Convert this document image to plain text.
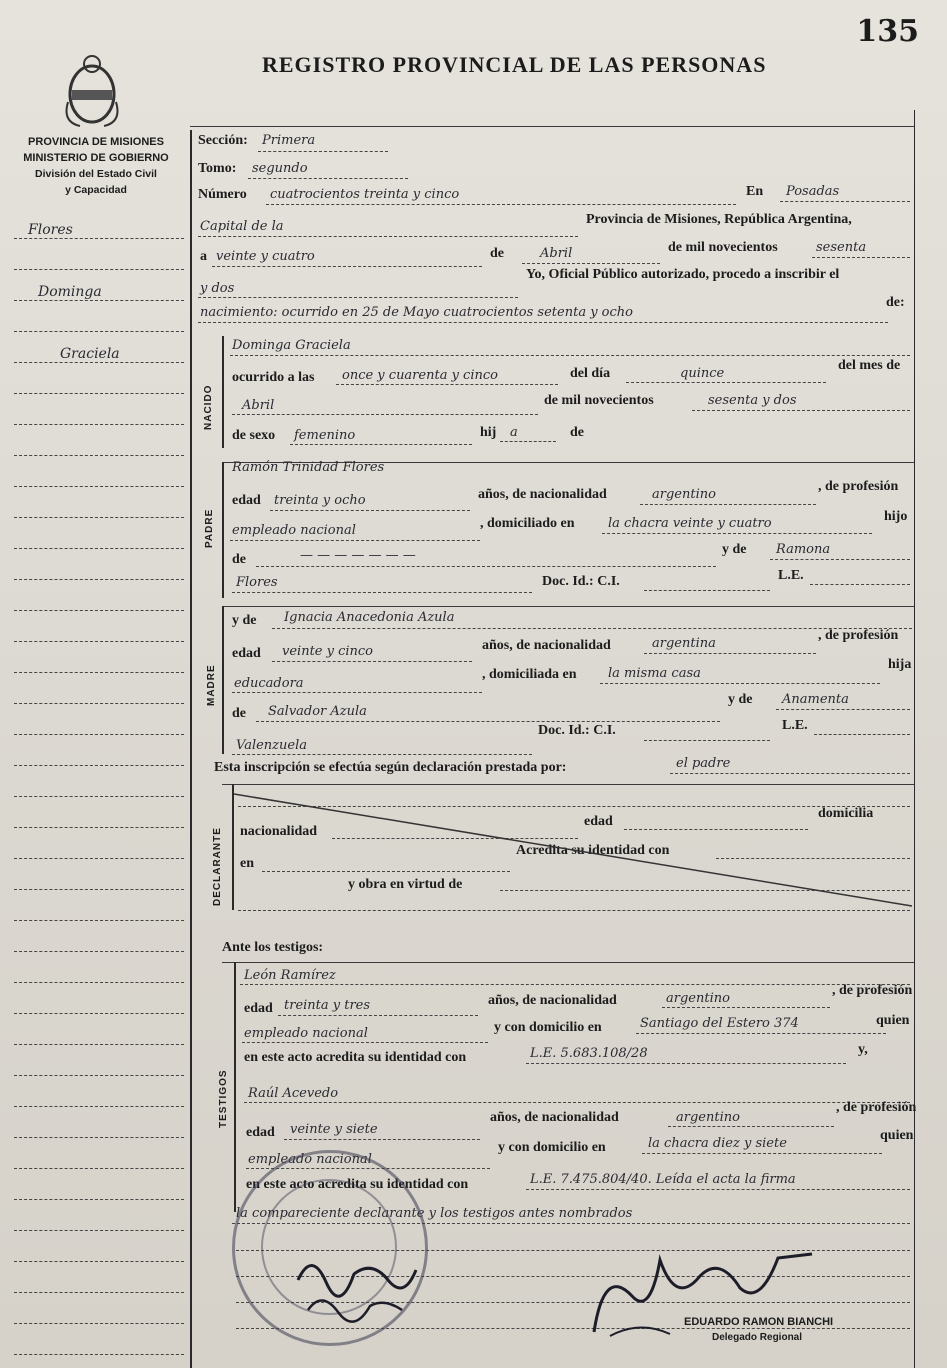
135
REGISTRO PROVINCIAL DE LAS PERSONAS
PROVINCIA DE MISIONES
MINISTERIO DE GOBIERNO
División del Estado Civil
y Capacidad
Flores
Dominga
Graciela
Sección: Primera
Tomo: segundo
Número cuatrocientos treinta y cinco	En Posadas
Capital de la	Provincia de Misiones, República Argentina,
a veinte y cuatro	de	Abril	de mil novecientos	sesenta
y dos
Yo, Oficial Público autorizado, procedo a inscribir el
nacimiento: ocurrido en 25 de Mayo cuatrocientos setenta y ocho
de:
NACIDO
Dominga Graciela
ocurrido a las once y cuarenta y cinco	del día	quince
del mes de
Abril	de mil novecientos	sesenta y dos
de sexo femenino	hij a	de
PADRE
Ramón Trinidad Flores
edad treinta y ocho	años, de nacionalidad	argentino
, de profesión
empleado nacional	, domiciliado en	la chacra veinte y cuatro	hijo
de	— — — — — — —	y de Ramona
Flores	Doc. Id.: C.I.	L.E.
MADRE
y de Ignacia Anacedonia Azula
edad veinte y cinco	años, de nacionalidad	argentina
, de profesión
educadora
, domiciliada en la misma casa
hija
de Salvador Azula
y de Anamenta
Valenzuela
Doc. Id.: C.I.	L.E.
Esta inscripción se efectúa según declaración prestada por:	el padre
DECLARANTE nacionalidad
edad
domicilia
en
Acredita su identidad con
y obra en virtud de
Ante los testigos:
TESTIGOS
León Ramírez
edad treinta y tres	años, de nacionalidad	argentino
, de profesión
empleado nacional	y con domicilio en	Santiago del Estero 374	quien
en este acto acredita su identidad con	L.E. 5.683.108/28	y,
Raúl Acevedo
edad veinte y siete
años, de nacionalidad	argentino
, de profesión
empleado nacional
y con domicilio en	la chacra diez y siete
quien
en este acto acredita su identidad con	L.E. 7.475.804/40. Leída el acta la firma
la compareciente declarante y los testigos antes nombrados
EDUARDO RAMON BIANCHI
Delegado Regional
